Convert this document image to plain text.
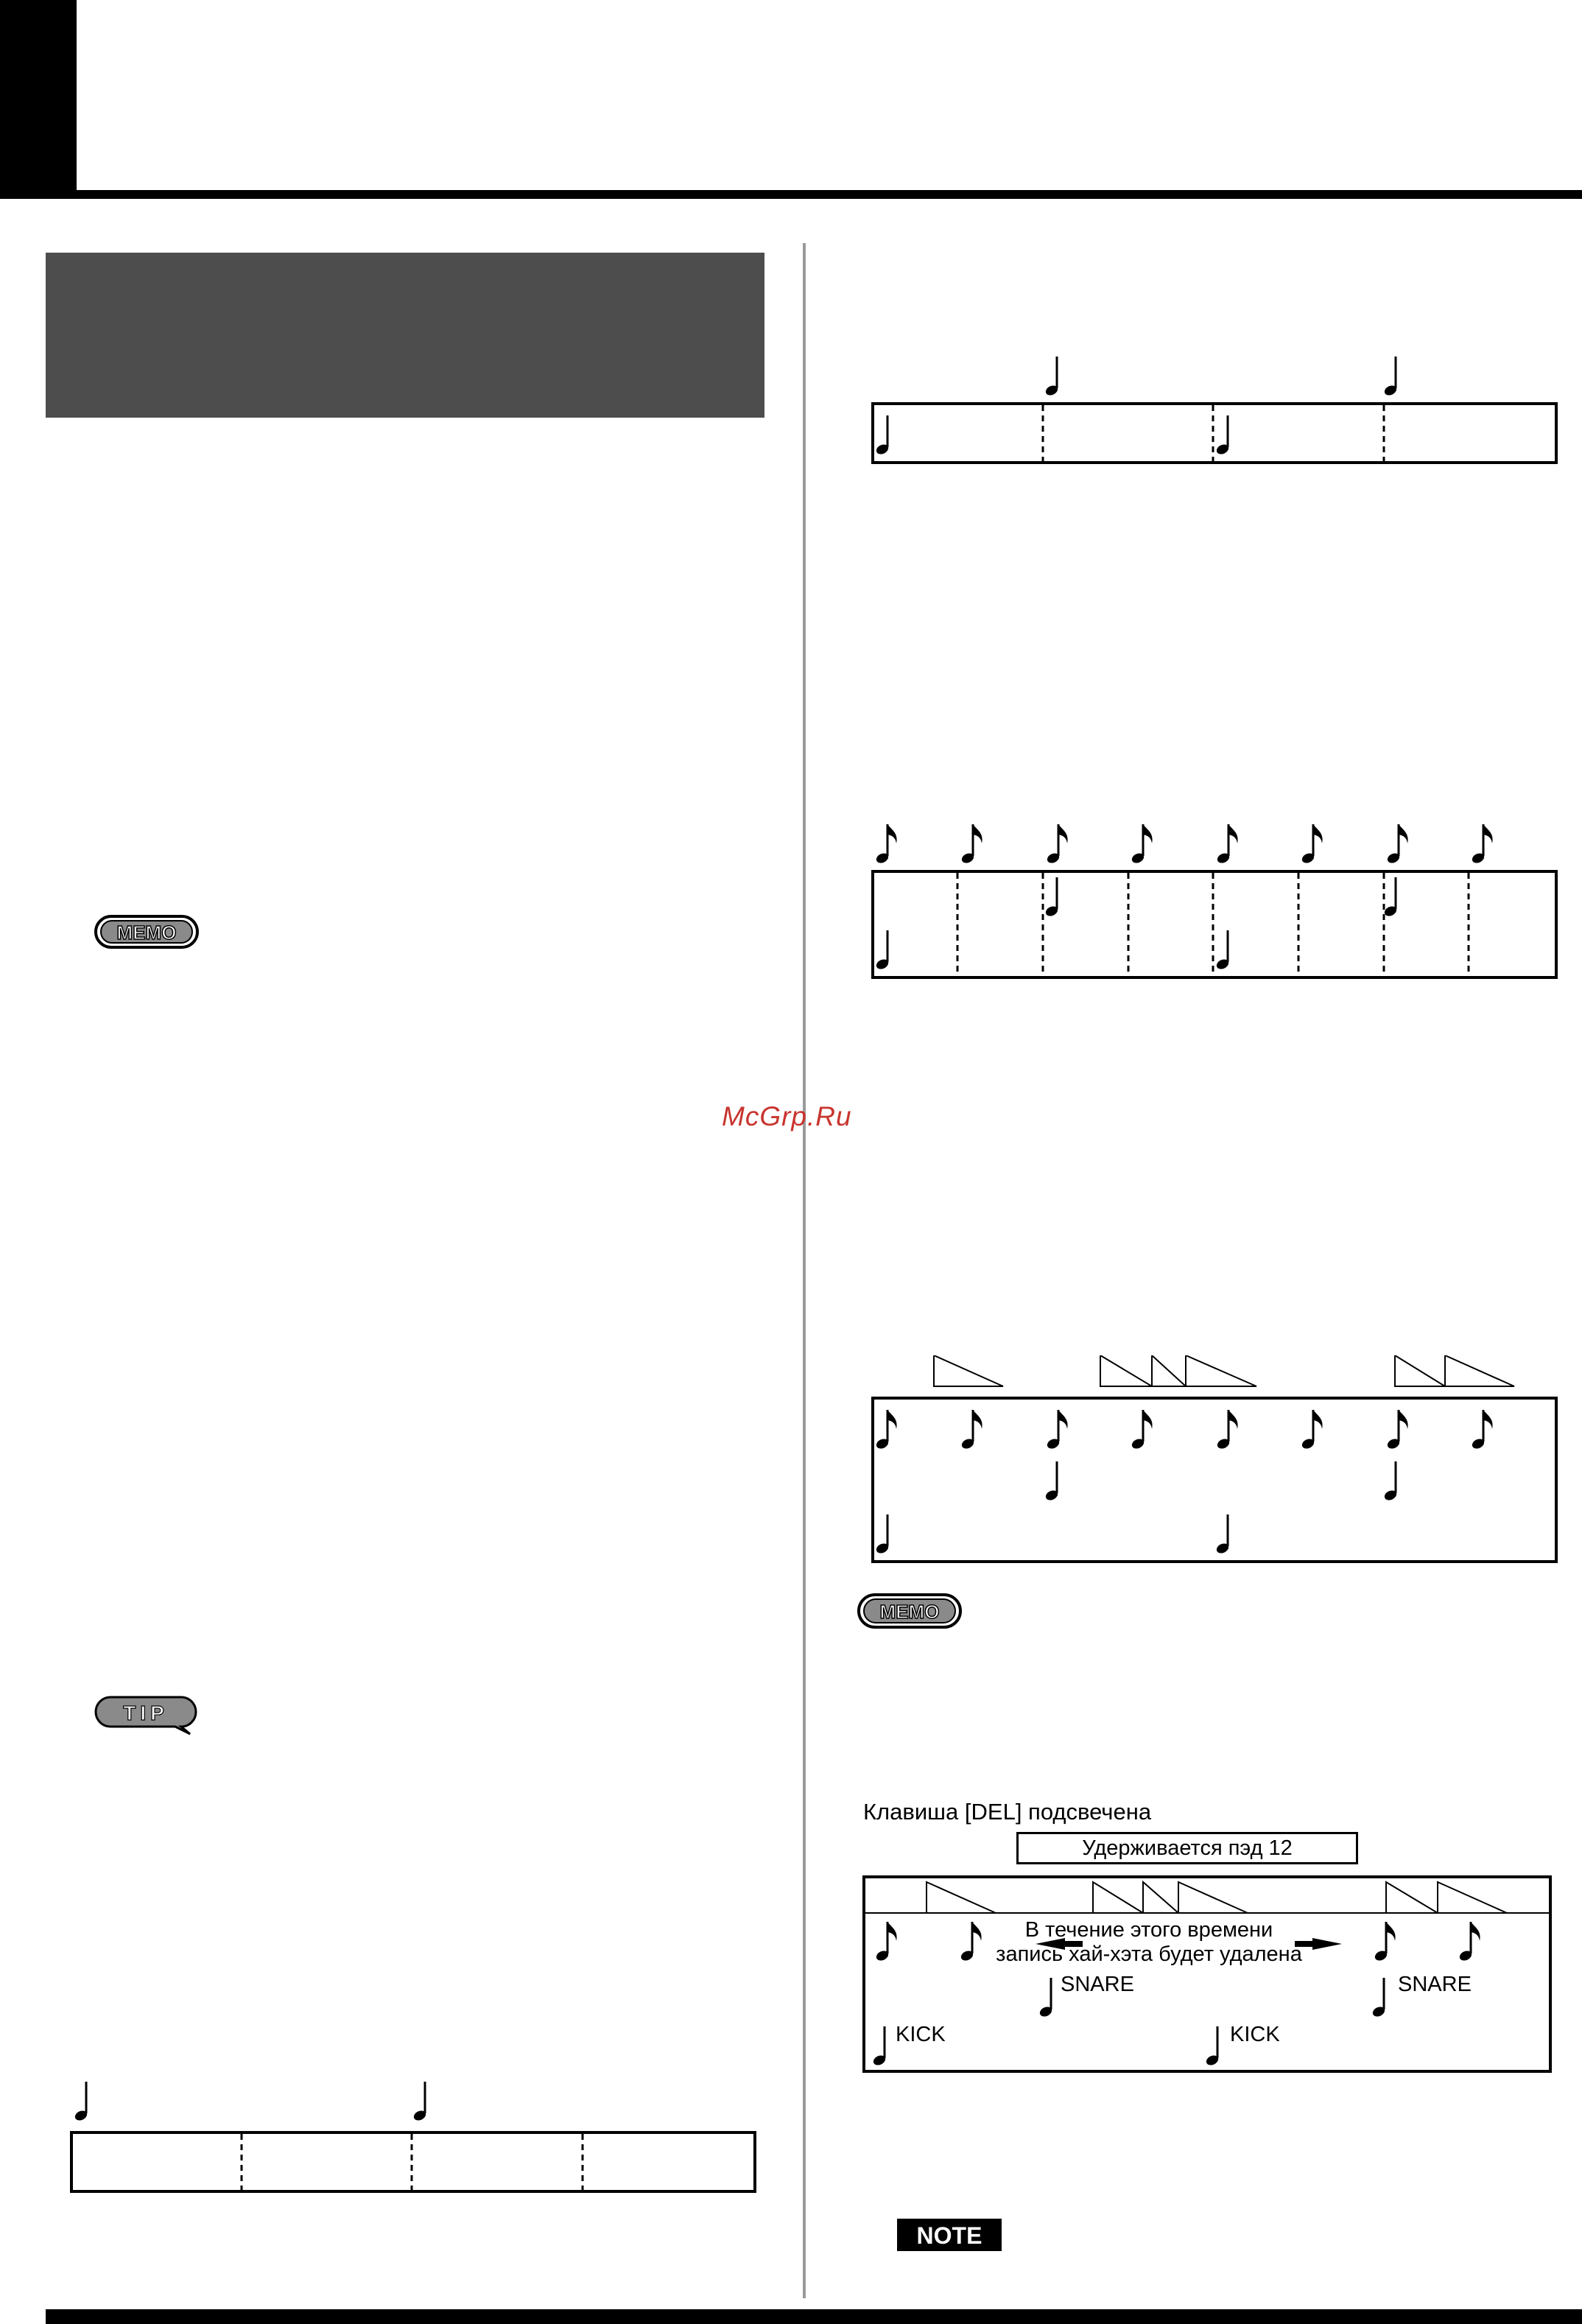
McGrp.Ru
MEMO
MEMO
TIP
NOTE
Клавиша [DEL] подсвечена
Удерживается пэд 12
В течение этого времени
запись хай-хэта будет удалена
SNARE	SNARE
KICK	KICK
